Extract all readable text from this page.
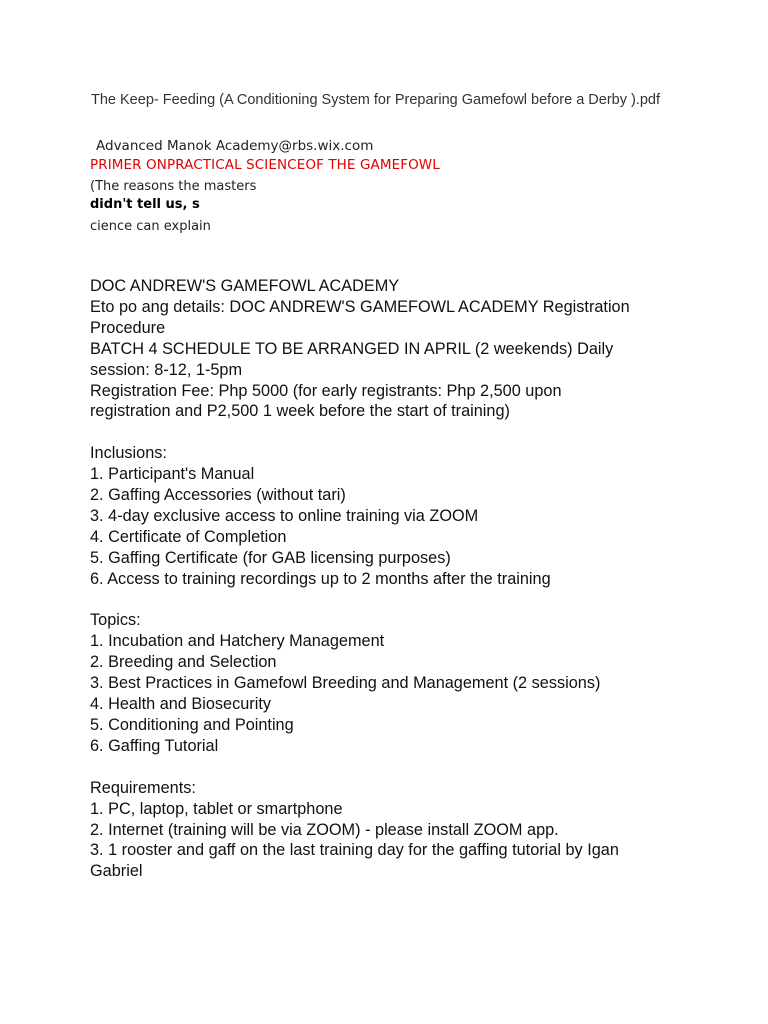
The Keep- Feeding (A Conditioning System for Preparing Gamefowl before a Derby ).pdf
Advanced Manok Academy@rbs.wix.com
PRIMER ONPRACTICAL SCIENCEOF THE GAMEFOWL
(The reasons the masters
didn't tell us, s
cience can explain
DOC ANDREW'S GAMEFOWL ACADEMY
Eto po ang details: DOC ANDREW'S GAMEFOWL ACADEMY Registration
Procedure
BATCH 4 SCHEDULE TO BE ARRANGED IN APRIL (2 weekends) Daily
session: 8-12, 1-5pm
Registration Fee: Php 5000 (for early registrants: Php 2,500 upon
registration and P2,500 1 week before the start of training)
Inclusions:
1. Participant's Manual
2. Gaffing Accessories (without tari)
3. 4-day exclusive access to online training via ZOOM
4. Certificate of Completion
5. Gaffing Certificate (for GAB licensing purposes)
6. Access to training recordings up to 2 months after the training
Topics:
1. Incubation and Hatchery Management
2. Breeding and Selection
3. Best Practices in Gamefowl Breeding and Management (2 sessions)
4. Health and Biosecurity
5. Conditioning and Pointing
6. Gaffing Tutorial
Requirements:
1. PC, laptop, tablet or smartphone
2. Internet (training will be via ZOOM) - please install ZOOM app.
3. 1 rooster and gaff on the last training day for the gaffing tutorial by Igan
Gabriel
